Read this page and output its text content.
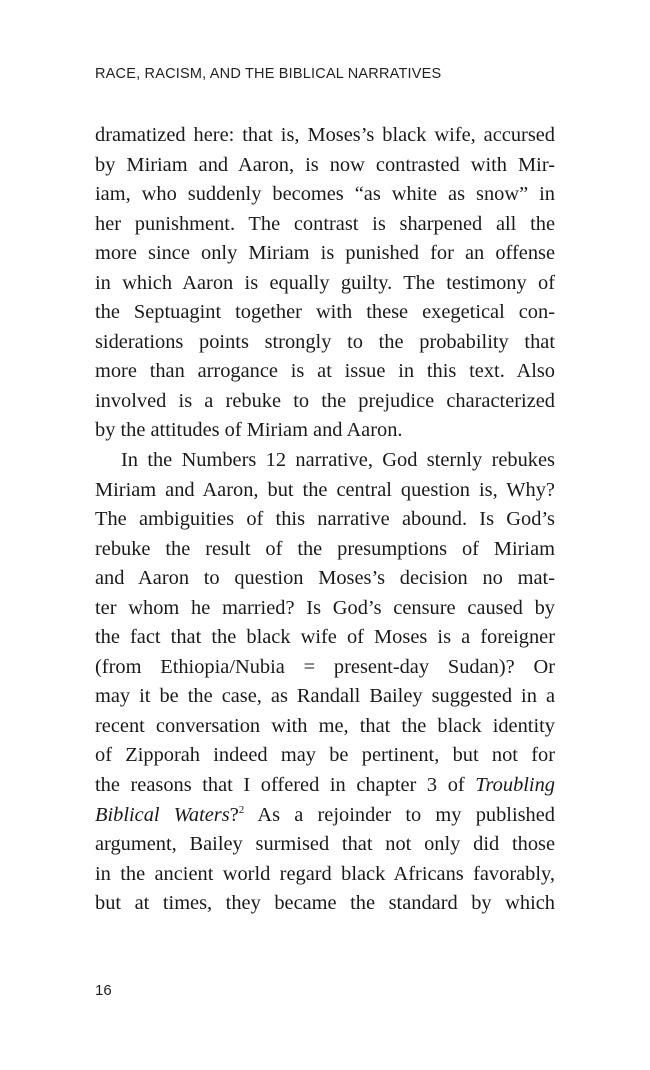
RACE, RACISM, AND THE BIBLICAL NARRATIVES
dramatized here: that is, Moses’s black wife, accursed
by Miriam and Aaron, is now contrasted with Mir-
iam, who suddenly becomes “as white as snow” in
her punishment. The contrast is sharpened all the
more since only Miriam is punished for an offense
in which Aaron is equally guilty. The testimony of
the Septuagint together with these exegetical con-
siderations points strongly to the probability that
more than arrogance is at issue in this text. Also
involved is a rebuke to the prejudice characterized
by the attitudes of Miriam and Aaron.
In the Numbers 12 narrative, God sternly rebukes
Miriam and Aaron, but the central question is, Why?
The ambiguities of this narrative abound. Is God’s
rebuke the result of the presumptions of Miriam
and Aaron to question Moses’s decision no mat-
ter whom he married? Is God’s censure caused by
the fact that the black wife of Moses is a foreigner
(from Ethiopia/Nubia = present-day Sudan)? Or
may it be the case, as Randall Bailey suggested in a
recent conversation with me, that the black identity
of Zipporah indeed may be pertinent, but not for
the reasons that I offered in chapter 3 of Troubling
Biblical Waters?$^2$ As a rejoinder to my published
argument, Bailey surmised that not only did those
in the ancient world regard black Africans favorably,
but at times, they became the standard by which
16
